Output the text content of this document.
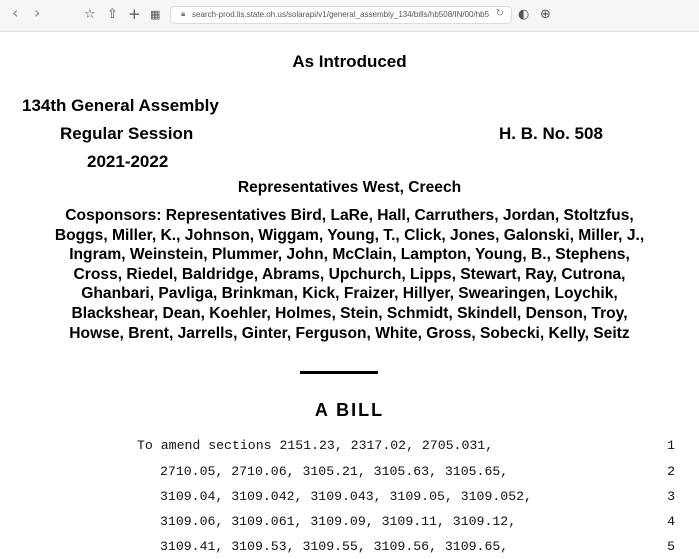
‹ ›	☆ ⇧ + ▦	🔒︎ search-prod.lis.state.oh.us/solarapi/v1/general_assembly_134/bills/hb508/IN/00/hb5 ↻ ◐ ⊕
As Introduced
134th General Assembly
Regular Session	H. B. No. 508
2021-2022
Representatives West, Creech
Cosponsors: Representatives Bird, LaRe, Hall, Carruthers, Jordan, Stoltzfus,
Boggs, Miller, K., Johnson, Wiggam, Young, T., Click, Jones, Galonski, Miller, J.,
Ingram, Weinstein, Plummer, John, McClain, Lampton, Young, B., Stephens,
Cross, Riedel, Baldridge, Abrams, Upchurch, Lipps, Stewart, Ray, Cutrona,
Ghanbari, Pavliga, Brinkman, Kick, Fraizer, Hillyer, Swearingen, Loychik,
Blackshear, Dean, Koehler, Holmes, Stein, Schmidt, Skindell, Denson, Troy,
Howse, Brent, Jarrells, Ginter, Ferguson, White, Gross, Sobecki, Kelly, Seitz
A BILL
To amend sections 2151.23, 2317.02, 2705.031,	1
2710.05, 2710.06, 3105.21, 3105.63, 3105.65,	2
3109.04, 3109.042, 3109.043, 3109.05, 3109.052,	3
3109.06, 3109.061, 3109.09, 3109.11, 3109.12,	4
3109.41, 3109.53, 3109.55, 3109.56, 3109.65,	5
